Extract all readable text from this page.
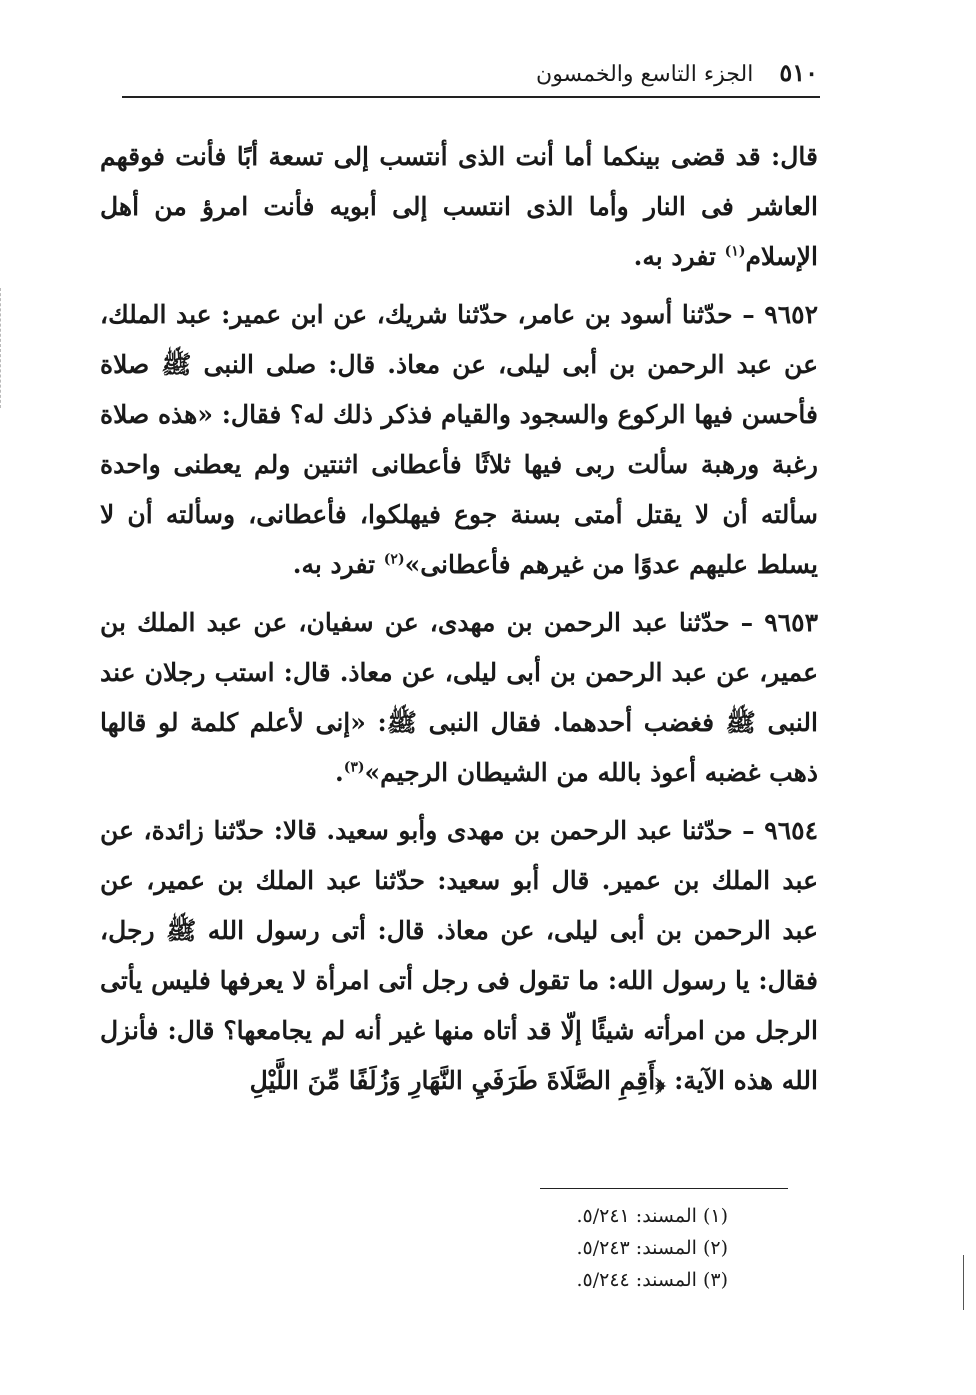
٥١٠
الجزء التاسع والخمسون

قال: قد قضى بينكما أما أنت الذى أنتسب إلى تسعة أبًا فأنت فوقهم العاشر فى النار وأما الذى انتسب إلى أبويه فأنت امرؤ من أهل الإسلام$^{(١)}$ تفرد به.

٩٦٥٢ – حدّثنا أسود بن عامر، حدّثنا شريك، عن ابن عمير: عبد الملك، عن عبد الرحمن بن أبى ليلى، عن معاذ. قال: صلى النبى ﷺ صلاة فأحسن فيها الركوع والسجود والقيام فذكر ذلك له؟ فقال: «هذه صلاة رغبة ورهبة سألت ربى فيها ثلاثًا فأعطانى اثنتين ولم يعطنى واحدة سألته أن لا يقتل أمتى بسنة جوع فيهلكوا، فأعطانى، وسألته أن لا يسلط عليهم عدوًا من غيرهم فأعطانى»$^{(٢)}$ تفرد به.

٩٦٥٣ – حدّثنا عبد الرحمن بن مهدى، عن سفيان، عن عبد الملك بن عمير، عن عبد الرحمن بن أبى ليلى، عن معاذ. قال: استب رجلان عند النبى ﷺ فغضب أحدهما. فقال النبى ﷺ: «إنى لأعلم كلمة لو قالها ذهب غضبه أعوذ بالله من الشيطان الرجيم»$^{(٣)}$.

٩٦٥٤ – حدّثنا عبد الرحمن بن مهدى وأبو سعيد. قالا: حدّثنا زائدة، عن عبد الملك بن عمير. قال أبو سعيد: حدّثنا عبد الملك بن عمير، عن عبد الرحمن بن أبى ليلى، عن معاذ. قال: أتى رسول الله ﷺ رجل، فقال: يا رسول الله: ما تقول فى رجل أتى امرأة لا يعرفها فليس يأتى الرجل من امرأته شيئًا إلّا قد أتاه منها غير أنه لم يجامعها؟ قال: فأنزل الله هذه الآية: ﴿أَقِمِ الصَّلَاةَ طَرَفَيِ النَّهَارِ وَزُلَفًا مِّنَ اللَّيْلِ

(١) المسند: ٥/٢٤١.

(٢) المسند: ٥/٢٤٣.

(٣) المسند: ٥/٢٤٤.
